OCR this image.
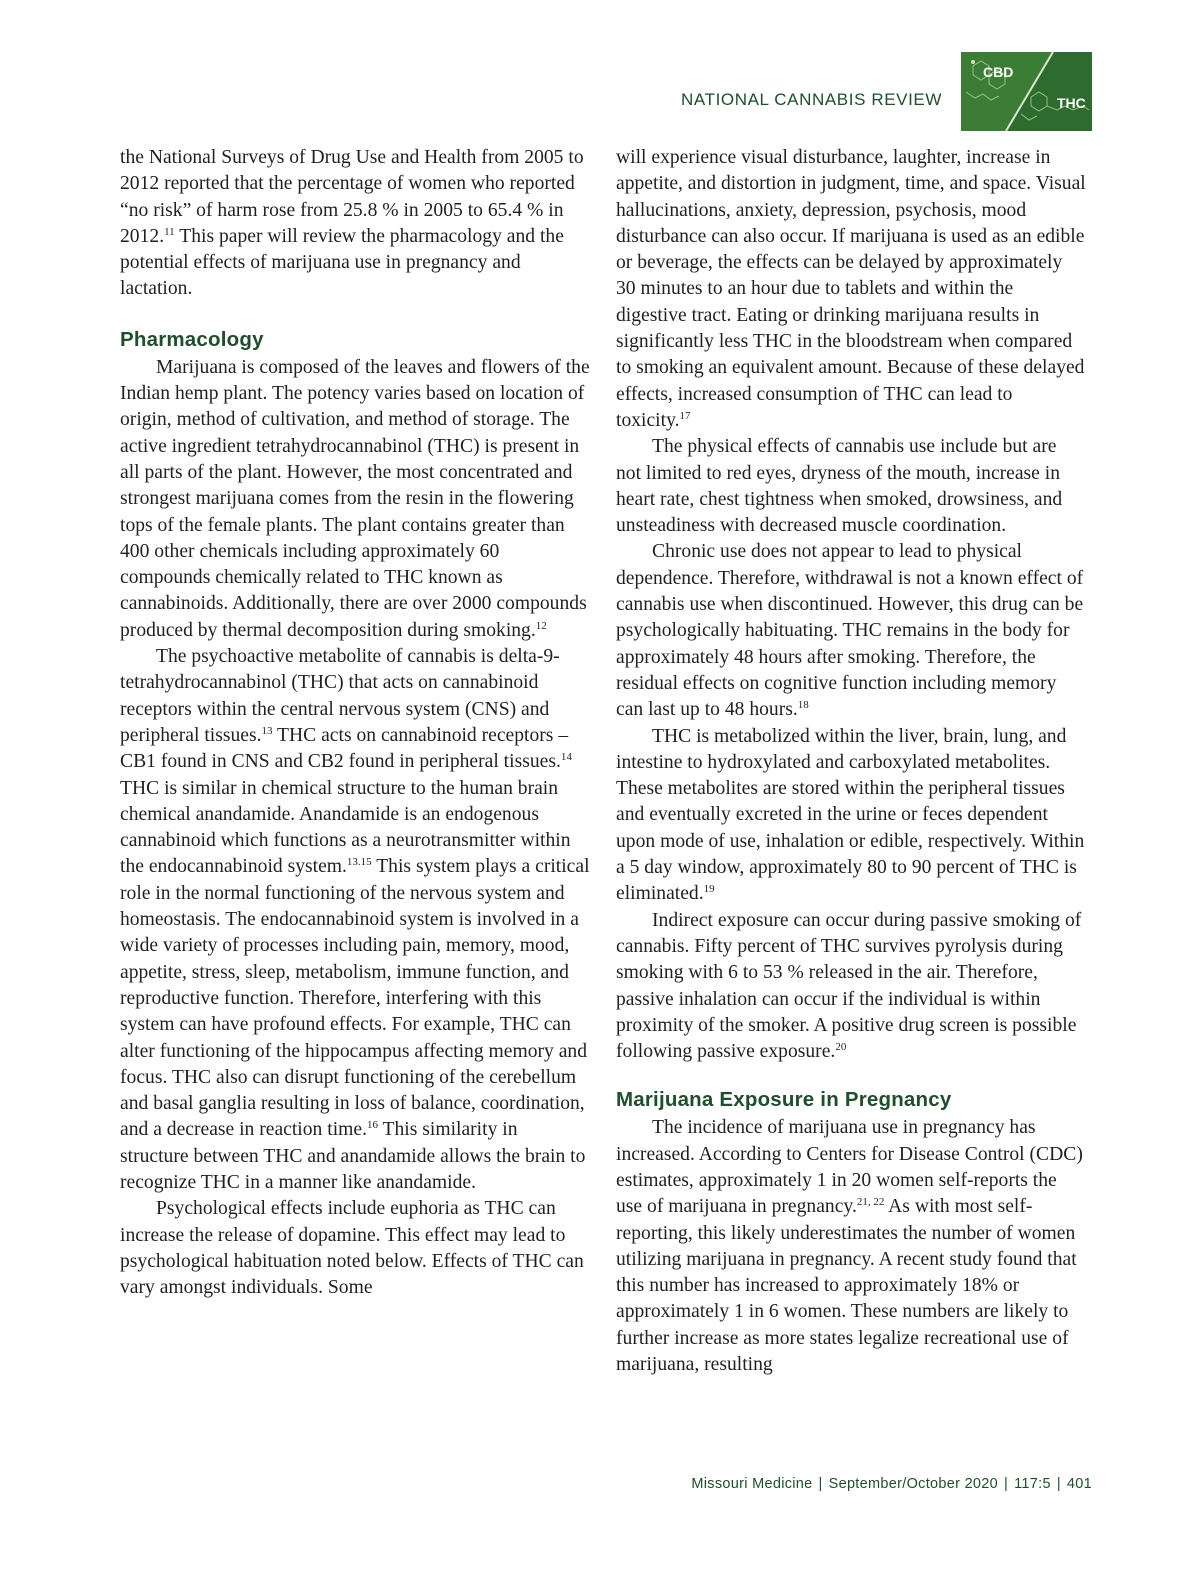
NATIONAL CANNABIS REVIEW
CBD
THC

the National Surveys of Drug Use and Health from 2005 to 2012 reported that the percentage of women who reported “no risk” of harm rose from 25.8 % in 2005 to 65.4 % in 2012.11 This paper will review the pharmacology and the potential effects of marijuana use in pregnancy and lactation.

Pharmacology

Marijuana is composed of the leaves and flowers of the Indian hemp plant. The potency varies based on location of origin, method of cultivation, and method of storage. The active ingredient tetrahydrocannabinol (THC) is present in all parts of the plant. However, the most concentrated and strongest marijuana comes from the resin in the flowering tops of the female plants. The plant contains greater than 400 other chemicals including approximately 60 compounds chemically related to THC known as cannabinoids. Additionally, there are over 2000 compounds produced by thermal decomposition during smoking.$^{12}$

The psychoactive metabolite of cannabis is delta-9-tetrahydrocannabinol (THC) that acts on cannabinoid receptors within the central nervous system (CNS) and peripheral tissues.$^{13}$ THC acts on cannabinoid receptors – CB1 found in CNS and CB2 found in peripheral tissues.$^{14}$ THC is similar in chemical structure to the human brain chemical anandamide. Anandamide is an endogenous cannabinoid which functions as a neurotransmitter within the endocannabinoid system.$^{13.15}$ This system plays a critical role in the normal functioning of the nervous system and homeostasis. The endocannabinoid system is involved in a wide variety of processes including pain, memory, mood, appetite, stress, sleep, metabolism, immune function, and reproductive function. Therefore, interfering with this system can have profound effects. For example, THC can alter functioning of the hippocampus affecting memory and focus. THC also can disrupt functioning of the cerebellum and basal ganglia resulting in loss of balance, coordination, and a decrease in reaction time.$^{16}$ This similarity in structure between THC and anandamide allows the brain to recognize THC in a manner like anandamide.

Psychological effects include euphoria as THC can increase the release of dopamine. This effect may lead to psychological habituation noted below. Effects of THC can vary amongst individuals. Some

will experience visual disturbance, laughter, increase in appetite, and distortion in judgment, time, and space. Visual hallucinations, anxiety, depression, psychosis, mood disturbance can also occur. If marijuana is used as an edible or beverage, the effects can be delayed by approximately 30 minutes to an hour due to tablets and within the digestive tract. Eating or drinking marijuana results in significantly less THC in the bloodstream when compared to smoking an equivalent amount. Because of these delayed effects, increased consumption of THC can lead to toxicity.$^{17}$

The physical effects of cannabis use include but are not limited to red eyes, dryness of the mouth, increase in heart rate, chest tightness when smoked, drowsiness, and unsteadiness with decreased muscle coordination.

Chronic use does not appear to lead to physical dependence. Therefore, withdrawal is not a known effect of cannabis use when discontinued. However, this drug can be psychologically habituating. THC remains in the body for approximately 48 hours after smoking. Therefore, the residual effects on cognitive function including memory can last up to 48 hours.$^{18}$

THC is metabolized within the liver, brain, lung, and intestine to hydroxylated and carboxylated metabolites. These metabolites are stored within the peripheral tissues and eventually excreted in the urine or feces dependent upon mode of use, inhalation or edible, respectively. Within a 5 day window, approximately 80 to 90 percent of THC is eliminated.$^{19}$

Indirect exposure can occur during passive smoking of cannabis. Fifty percent of THC survives pyrolysis during smoking with 6 to 53 % released in the air. Therefore, passive inhalation can occur if the individual is within proximity of the smoker. A positive drug screen is possible following passive exposure.$^{20}$

Marijuana Exposure in Pregnancy

The incidence of marijuana use in pregnancy has increased. According to Centers for Disease Control (CDC) estimates, approximately 1 in 20 women self-reports the use of marijuana in pregnancy.$^{21, 22}$ As with most self-reporting, this likely underestimates the number of women utilizing marijuana in pregnancy. A recent study found that this number has increased to approximately 18% or approximately 1 in 6 women. These numbers are likely to further increase as more states legalize recreational use of marijuana, resulting

Missouri Medicine | September/October 2020 | 117:5 | 401
